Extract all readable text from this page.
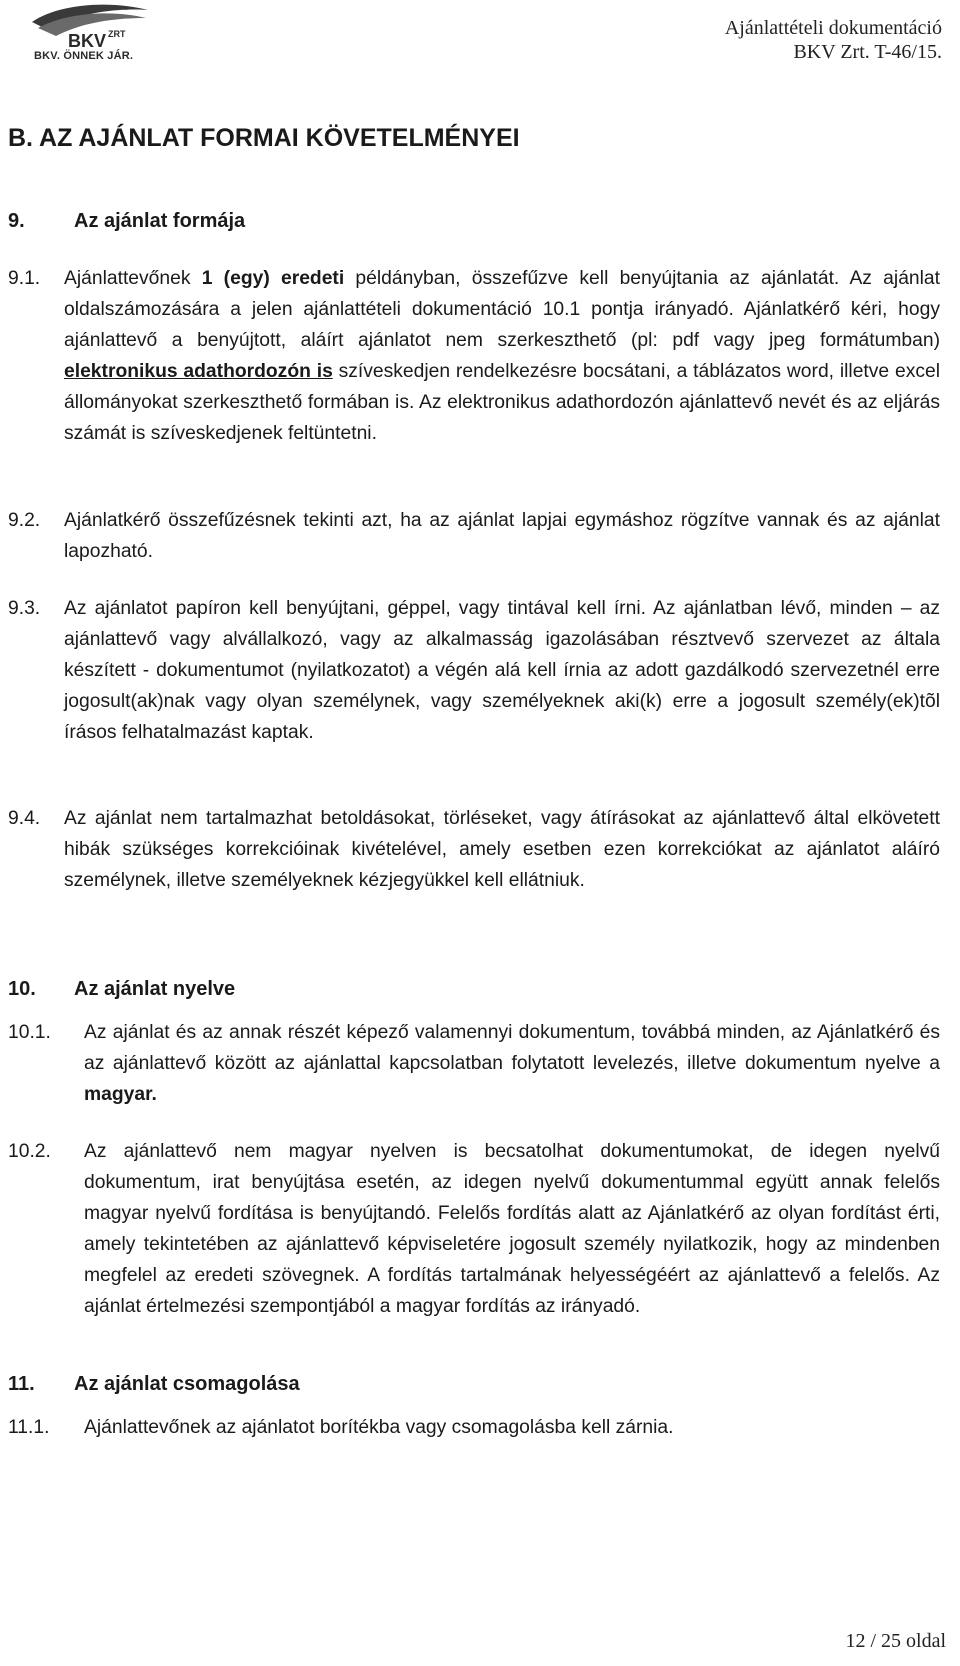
BKV ZRT
BKV. ÖNNEK JÁR.
Ajánlattételi dokumentáció
BKV Zrt. T-46/15.
B. AZ AJÁNLAT FORMAI KÖVETELMÉNYEI
9. Az ajánlat formája
9.1. Ajánlattevőnek 1 (egy) eredeti példányban, összefűzve kell benyújtania az ajánlatát. Az ajánlat oldalszámozására a jelen ajánlattételi dokumentáció 10.1 pontja irányadó. Ajánlatkérő kéri, hogy ajánlattevő a benyújtott, aláírt ajánlatot nem szerkeszthető (pl: pdf vagy jpeg formátumban) elektronikus adathordozón is szíveskedjen rendelkezésre bocsátani, a táblázatos word, illetve excel állományokat szerkeszthető formában is. Az elektronikus adathordozón ajánlattevő nevét és az eljárás számát is szíveskedjenek feltüntetni.
9.2. Ajánlatkérő összefűzésnek tekinti azt, ha az ajánlat lapjai egymáshoz rögzítve vannak és az ajánlat lapozható.
9.3. Az ajánlatot papíron kell benyújtani, géppel, vagy tintával kell írni. Az ajánlatban lévő, minden – az ajánlattevő vagy alvállalkozó, vagy az alkalmasság igazolásában résztvevő szervezet az általa készített - dokumentumot (nyilatkozatot) a végén alá kell írnia az adott gazdálkodó szervezetnél erre jogosult(ak)nak vagy olyan személynek, vagy személyeknek aki(k) erre a jogosult személy(ek)tõl írásos felhatalmazást kaptak.
9.4. Az ajánlat nem tartalmazhat betoldásokat, törléseket, vagy átírásokat az ajánlattevő által elkövetett hibák szükséges korrekcióinak kivételével, amely esetben ezen korrekciókat az ajánlatot aláíró személynek, illetve személyeknek kézjegyükkel kell ellátniuk.
10. Az ajánlat nyelve
10.1. Az ajánlat és az annak részét képező valamennyi dokumentum, továbbá minden, az Ajánlatkérő és az ajánlattevő között az ajánlattal kapcsolatban folytatott levelezés, illetve dokumentum nyelve a magyar.
10.2. Az ajánlattevő nem magyar nyelven is becsatolhat dokumentumokat, de idegen nyelvű dokumentum, irat benyújtása esetén, az idegen nyelvű dokumentummal együtt annak felelős magyar nyelvű fordítása is benyújtandó. Felelős fordítás alatt az Ajánlatkérő az olyan fordítást érti, amely tekintetében az ajánlattevő képviseletére jogosult személy nyilatkozik, hogy az mindenben megfelel az eredeti szövegnek. A fordítás tartalmának helyességéért az ajánlattevő a felelős. Az ajánlat értelmezési szempontjából a magyar fordítás az irányadó.
11. Az ajánlat csomagolása
11.1. Ajánlattevőnek az ajánlatot borítékba vagy csomagolásba kell zárnia.
12 / 25 oldal
